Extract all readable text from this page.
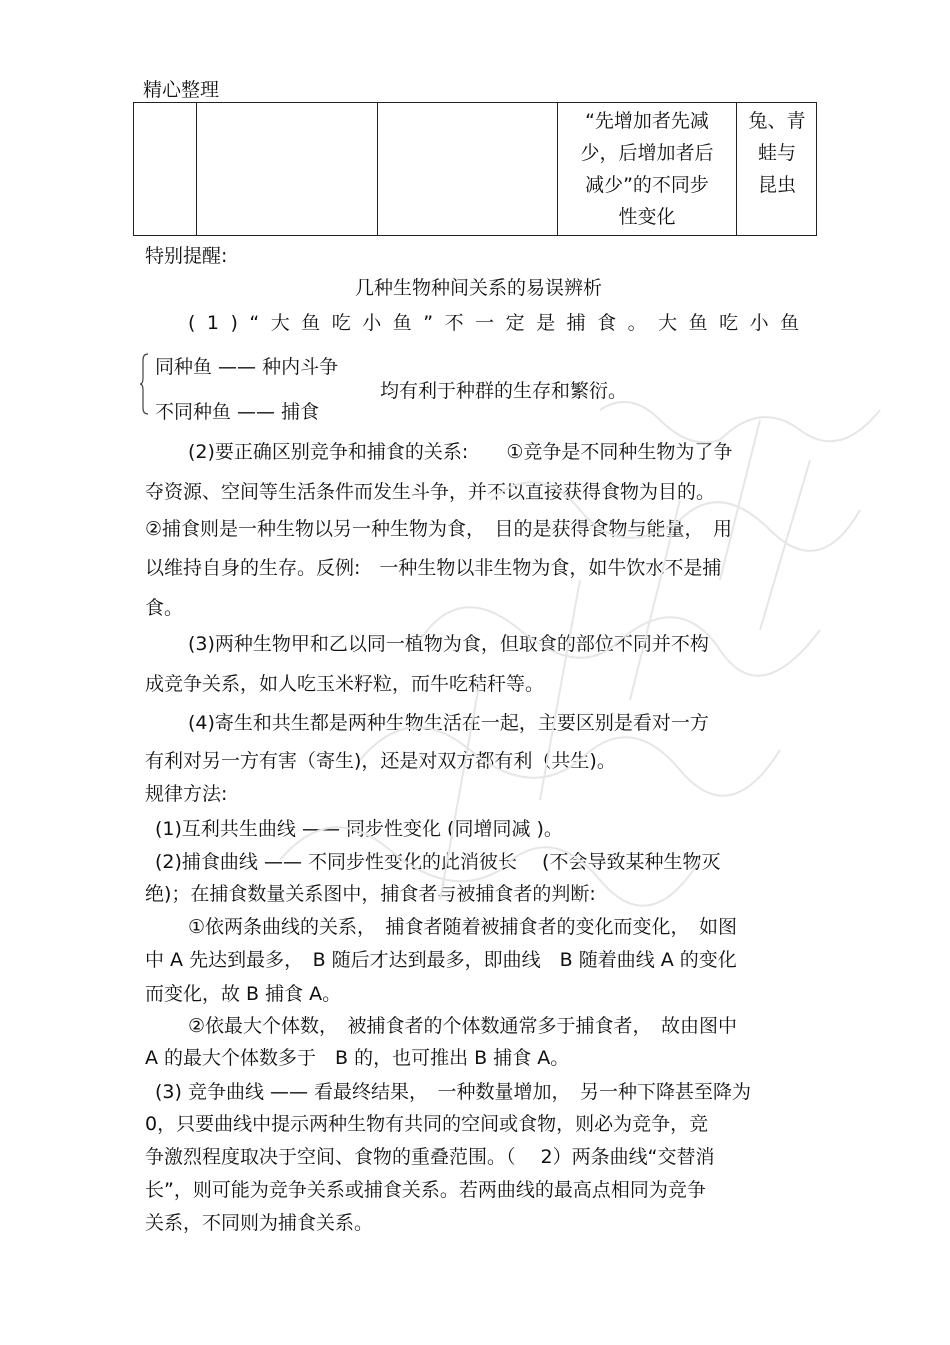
精心整理
“先增加者先减
少，后增加者后
减少”的不同步
性变化
兔、青
蛙与
昆虫
特别提醒:
几种生物种间关系的易误辨析
(1)“大鱼吃小鱼”不一定是捕食。大鱼吃小鱼
同种鱼 —— 种内斗争
不同种鱼 —— 捕食
均有利于种群的生存和繁衍。
(2)要正确区别竞争和捕食的关系:　　①竞争是不同种生物为了争
夺资源、空间等生活条件而发生斗争，并不以直接获得食物为目的。
②捕食则是一种生物以另一种生物为食，　目的是获得食物与能量，　用
以维持自身的生存。反例:　一种生物以非生物为食，如牛饮水不是捕
食。
(3)两种生物甲和乙以同一植物为食，但取食的部位不同并不构
成竞争关系，如人吃玉米籽粒，而牛吃秸秆等。
(4)寄生和共生都是两种生物生活在一起，主要区别是看对一方
有利对另一方有害（寄生)，还是对双方都有利（共生)。
规律方法:
(1)互利共生曲线 —— 同步性变化 (同增同减 )。
(2)捕食曲线 —— 不同步性变化的此消彼长　 (不会导致某种生物灭
绝)；在捕食数量关系图中，捕食者与被捕食者的判断:
①依两条曲线的关系，　捕食者随着被捕食者的变化而变化，　如图
中 A 先达到最多，　B 随后才达到最多，即曲线　B 随着曲线 A 的变化
而变化，故 B 捕食 A。
②依最大个体数，　被捕食者的个体数通常多于捕食者，　故由图中
A 的最大个体数多于　B 的，也可推出 B 捕食 A。
(3) 竞争曲线 —— 看最终结果，　一种数量增加，　另一种下降甚至降为
0，只要曲线中提示两种生物有共同的空间或食物，则必为竞争，竞
争激烈程度取决于空间、食物的重叠范围。（　 2）两条曲线“交替消
长”，则可能为竞争关系或捕食关系。若两曲线的最高点相同为竞争
关系，不同则为捕食关系。
